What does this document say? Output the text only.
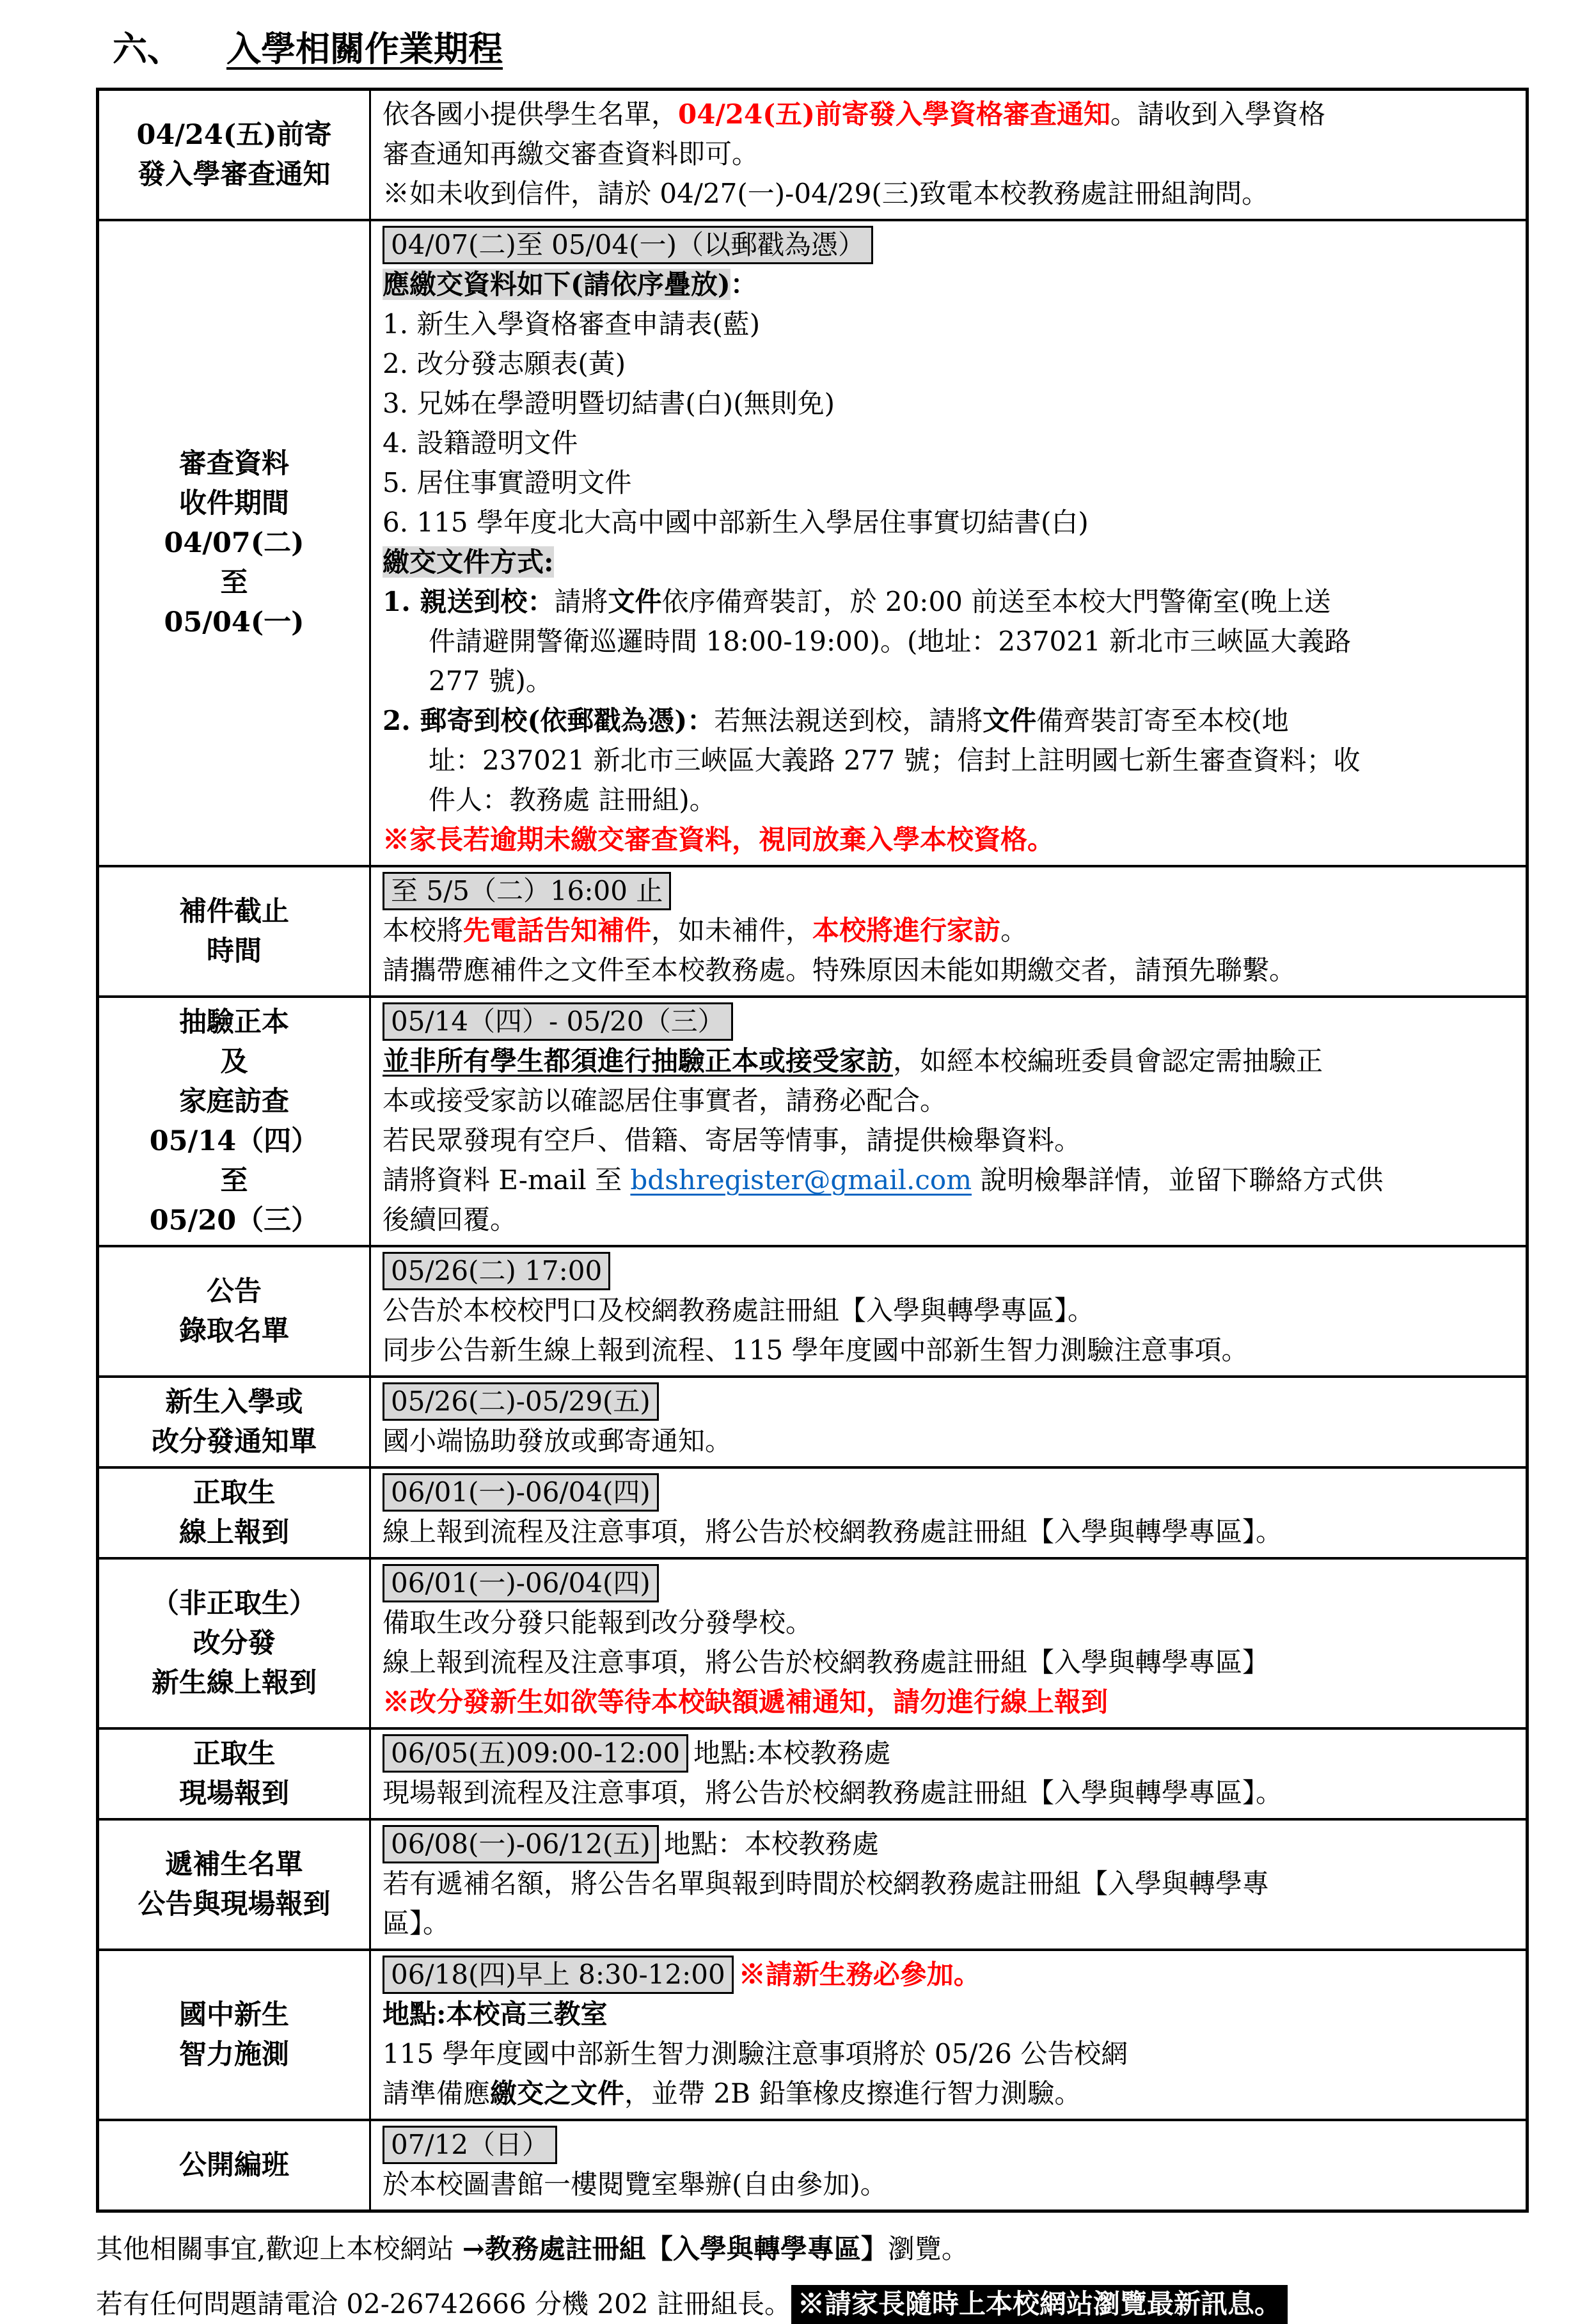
六、 入學相關作業期程
04/24(五)前寄
發入學審查通知

依各國小提供學生名單，04/24(五)前寄發入學資格審查通知。請收到入學資格
審查通知再繳交審查資料即可。
※如未收到信件，請於 04/27(一)-04/29(三)致電本校教務處註冊組詢問。

審查資料
收件期間
04/07(二)
至
05/04(一)

04/07(二)至 05/04(一)（以郵戳為憑）
應繳交資料如下(請依序疊放)：
1. 新生入學資格審查申請表(藍)
2. 改分發志願表(黃)
3. 兄姊在學證明暨切結書(白)(無則免)
4. 設籍證明文件
5. 居住事實證明文件
6. 115 學年度北大高中國中部新生入學居住事實切結書(白)
繳交文件方式:
1. 親送到校：請將文件依序備齊裝訂，於 20:00 前送至本校大門警衛室(晚上送
件請避開警衛巡邏時間 18:00-19:00)。(地址：237021 新北市三峽區大義路
277 號)。
2. 郵寄到校(依郵戳為憑)：若無法親送到校，請將文件備齊裝訂寄至本校(地
址：237021 新北市三峽區大義路 277 號；信封上註明國七新生審查資料；收
件人：教務處 註冊組)。
※家長若逾期未繳交審查資料，視同放棄入學本校資格。

補件截止
時間

至 5/5（二）16:00 止
本校將先電話告知補件，如未補件，本校將進行家訪。
請攜帶應補件之文件至本校教務處。特殊原因未能如期繳交者，請預先聯繫。

抽驗正本
及
家庭訪查
05/14（四）
至
05/20（三）

05/14（四）- 05/20（三）
並非所有學生都須進行抽驗正本或接受家訪，如經本校編班委員會認定需抽驗正
本或接受家訪以確認居住事實者，請務必配合。
若民眾發現有空戶、借籍、寄居等情事，請提供檢舉資料。
請將資料 E-mail 至 bdshregister@gmail.com 說明檢舉詳情，並留下聯絡方式供
後續回覆。

公告
錄取名單

05/26(二) 17:00
公告於本校校門口及校網教務處註冊組【入學與轉學專區】。
同步公告新生線上報到流程、115 學年度國中部新生智力測驗注意事項。

新生入學或
改分發通知單

05/26(二)-05/29(五)
國小端協助發放或郵寄通知。

正取生
線上報到

06/01(一)-06/04(四)
線上報到流程及注意事項，將公告於校網教務處註冊組【入學與轉學專區】。

（非正取生）
改分發
新生線上報到

06/01(一)-06/04(四)
備取生改分發只能報到改分發學校。
線上報到流程及注意事項，將公告於校網教務處註冊組【入學與轉學專區】
※改分發新生如欲等待本校缺額遞補通知，請勿進行線上報到

正取生
現場報到

06/05(五)09:00-12:00 地點:本校教務處
現場報到流程及注意事項，將公告於校網教務處註冊組【入學與轉學專區】。

遞補生名單
公告與現場報到

06/08(一)-06/12(五) 地點：本校教務處
若有遞補名額，將公告名單與報到時間於校網教務處註冊組【入學與轉學專
區】。

國中新生
智力施測

06/18(四)早上 8:30-12:00 ※請新生務必參加。
地點:本校高三教室
115 學年度國中部新生智力測驗注意事項將於 05/26 公告校網
請準備應繳交之文件，並帶 2B 鉛筆橡皮擦進行智力測驗。

公開編班	07/12（日）
於本校圖書館一樓閱覽室舉辦(自由參加)。
其他相關事宜,歡迎上本校網站 →教務處註冊組【入學與轉學專區】瀏覽。
若有任何問題請電洽 02-26742666 分機 202 註冊組長。 ※請家長隨時上本校網站瀏覽最新訊息。
